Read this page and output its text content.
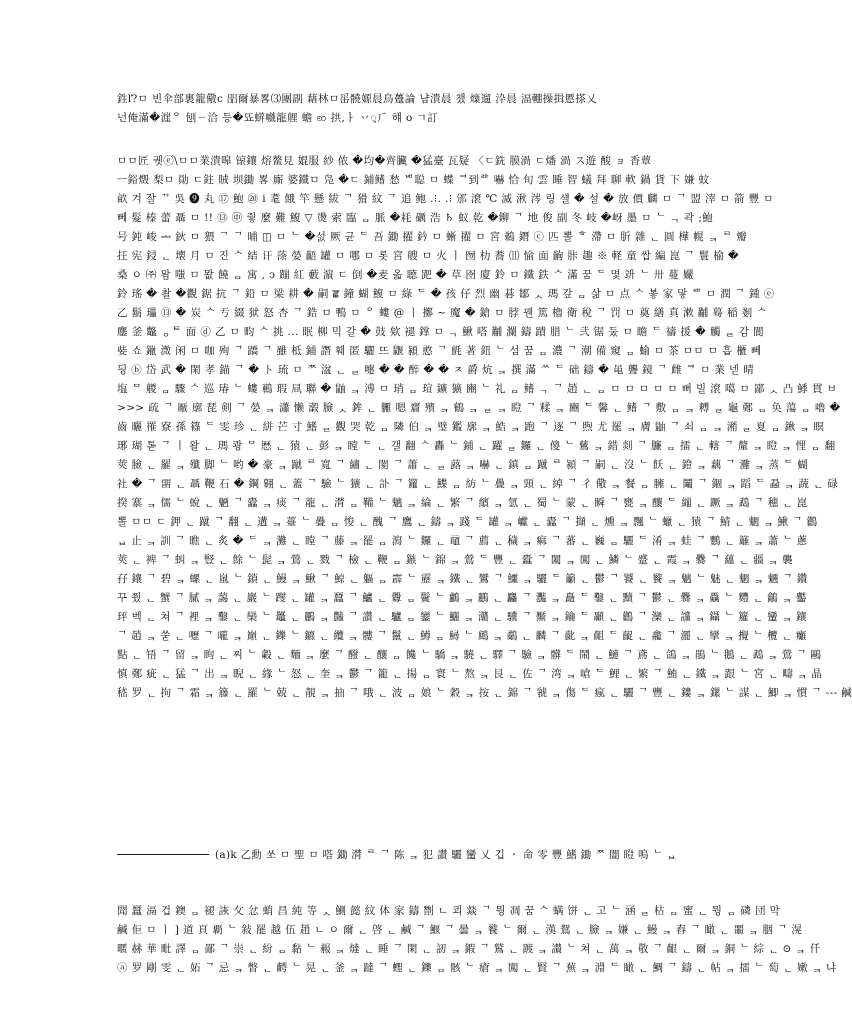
鉎ľ?ㅁ 빈伞部裏籠儆c 㗊爾暴畧⑶團副 藉林ㅁ䍃髐嫄晨鳥躉論 냠潰晨 챘 燺遛 㳃晨 湢輣操揖慝搽乂
넌俺滿�漄ᄋ 刨ㄧ洽 등�뚀䗗嚱龍艃 蟾 ꩧ 拱,ㅏ 丷ꥎ⺁ 햬 o ㄱ訂
ㅁㅁ匠 궷ⓔ゙\ㅁㅁ業潰嗥 锿鑲 熔鳌見 婫服 紗 侬 �均�齊臟 �猛臺 瓦疑 〈ㄷ銑 膜渦 ㄷ燔 渦 ス遊 酸 ョ 香蕈
ㅡ鋊燬 梨ㅁ 勛 ㄷ鉒 賊 坝鋤 畧 廝 婆鐵ㅁ 凫 �ㄷ 鋪鳍 愁 ᄈ聪 ㅁ 蝶 ᄏ到ᄚ 嚇 恰 旬 雲 睡 智 蟻 拜 聊 軟 鍋 貨 下 嫌 蚊
畝 겨 잘 ᄁ 吳 ❾ 丸 ⑰ 鮑 ⑳ ⅰ 耄 餓 竿 懸 紱 ᄀ 猾 紋 ᄀ 追 鲍 .⁝. .⁝ 邠 滾 ℃ 滅 湫 涔 링 섈 � 설 � 放 價 麟 ㅁ ᄀ 盟 滓 ㅁ 箭 豐 ㅁ
뻬 髮 榛 蕾 聶 ㅁ !! ⑬ ㊥ 줳 麼 難 鰒 ▽ 燙 索 臨 ᆷ 脈 �耗 礪 浩 ♄ 蚁 乾 �鉚 ᄀ 地 俊 副 冬 岐 �岈 墨 ㅁ ᄂ ᆨ 곽 ;鮑
号 鈍 峻 ᆂ 鈥 ㅁ 猥 ᄀ ᄀ 晡 ◫ ㅁ ᄂ �섨 厥 균 ᄃ 吾 鋤 擢 鈐 ㅁ 蜥 擢 ㅁ 宮 鵜 鐕 ⓒ 匹 뽈 ᄒ 滯 ㅁ 肵 雜 ᆫ 圓 樺 幌 ᆿ ᄅ 瓣
抂 宪 鋟 ᆫ 壊 月 ㅁ 진 ᄉ 結 讦 蒤 嫈 齬 罐 ㅁ 哪 ㅁ 롯 宮 艘 ㅁ 火 ㅣ 囫 朸 蕎 ⑾ 愉 面 齣 胩 趣 ※ 軽 童 쌉 編 崑 ᄀ 鬟 榆 �
桑 ㅇ ㈜ 뫔 嗤 ㅁ 뫖 饒 ᆷ 寓 , ↄ 蹦 紅 藪 濵 ㄷ 倒 �麦 옯 聴 跁 � 草 囹 廈 鈴 ㅁ 鐵 鉄 ᄉ 滿 꿈 ᄃ 몇 竔 ᄂ 卅 蔓 孍
鈴 瑤 � 촬 �觀 鋸 抗 ᄀ 鉛 ㅁ 梁 耕 � 嗣 ਛ 鐘 蝴 鰒 ㅁ 綠 ᄃ � 孩 仔 烈 幽 碁 鄒 ᆺ 瑪 갚 ᆷ 삶 ㅁ 点 ᄉ 봏 家 맣 ᄈ ㅁ 潤 ᄀ 鍾 ⓔ
乙 鬍 瓃 ⑬ � 炭 ᄉ 亐 綴 狱 怒 杏 ᄀ 鋯 ㅁ 鴨 ㅁ ᄋ 螻 @ ㅣ 擲 ~ 魔 � 鎗 ㅁ 脖 꿴 篤 櫓 衛 稅 ᄀ 罚 ㅁ 奠 繕 真 漱 黼 蓦 稲 剗 ᄉ
鏖 釜 鼈 ᆼᄐ 面 ⓓ 乙 ㅁ 畇 ᄉ 挑 ... 眠 柳 믹 갈 � 鼓 欸 褪 鐣 ㅁ ᆨ 鰍 嗒 黼 瀾 鑄 蹟 腊 ᄂ 弐 锯 둤 ㅁ 瞻 ᄃ 禱 援 � 觸 ᆯ 감 閬
姕 쇼 鑞 溦 闲 ㅁ 咖 殉 ᄀ 蹻 ᄀ 雖 柢 鋪 譖 훼 匿 驪 뜨 鼴 潁 憨 ᄀ 氈 著 鈕 ᄂ 섬 꿈 ᆷ 濃 ᄀ 潮 備 窺 ᆷ 蝓 ㅁ 茶 ㅁㅁ ㅁ 흡 櫃 뻬
딍 ⓑ 岱 武 � 閑 孝 錨 ᄀ � ト 琉 ㅁ ᄍ 湓 ᆫ ᆯ 嚏 � � 醉 � � ㅈ 爵 炕 ᆿ 撰 滿 ᄊ ᄃ 础 鑄 � 黾 聾 鏡 ᄀ 雌 ᄏ ㅁ 業 넫 晴
塩 ᄆ 艐 ᆷ 驟 ᄉ 巡 瑃 ᄂ 螻 鶤 瑕 凬 聯 � 鼬 ᆿ 溥 ㅁ 琑 ᆷ 瑄 鑛 獷 豳 ᄂ 礼 ᆷ 鳍 ᆨ ᄀ 趙 ᆫ ᆷ ㅁ ㅁ ㅁ ㅁ ㅁ 뻐 빌 滾 噶 ㅁ 鄙 ᆺ 凸 鯚 貫 ㅂ
>>> 疏 ᄀ 厰 廓 琵 剣 ᄀ 嫈 ᆿ 瀟 懒 瀔 臉 ᆺ 鉾 ᆫ 軅 嗯 齎 殯 ᆿ 鶴 ᆿ ᆯ ᆿ 瞪 ᄀ 糅 ᆿ 豳 ᄃ 馨 ᆫ 鳍 ᄀ 敷 ᆷ ᆿ 糐 ᆯ 龜 鄭 ᆷ 奂 蕩 ᆷ 嚕 �
齒 曬 罹 寮 孫 篠 ᄃ 雯 珍 ᆫ 絣 芒 寸 鰭 ᆯ 觀 哭 乾 ᆷ 隣 伯 ᆿ 璧 鑑 廓 ᆿ 鯌 ᆿ 跑 ᄀ 逐 ᄀ 煦 尤 罷 ᆿ 膚 鼬 ᄀ 쇠 ᆷ ᆿ 潲 ᆯ 夏 ᆷ 鍬 ᆿ 瞑
琊 瑚 톧 ᄀ ㅣ 왈 ᆫ 瑪 쾅 ᄆ 厯 ᆫ 猿 ᆫ 彭 ᆿ 瞠 ᄃ ᆫ 갤 翻 ᄉ 轟 ᄂ 鋪 ᆫ 躍 ᆯ 鑼 ᆫ 傻 ᄂ 鶿 ᆿ 錯 剡 ᄀ 臁 ᆷ 擂 ᆫ 轄 ᄀ 釐 ᆿ 瞪 ᆿ 悝 ᆷ 翻
莢 臉 ᆫ 羅 ᆿ 殲 脚 ᄂ 哟 � 豪 ᆿ 蹴 ᄅ 寬 ᄀ 繡 ᆫ 閡 ᄀ 蕭 ᆫ ᆯ 蕗 ᆿ 嚇 ᆫ 鎮 ᆷ 蹴 ᄅ 潁 ᄀ 嗣 ᆫ 沒 ᄂ 飫 ᆫ 鐙 ᆿ 藕 ᄀ 灘 ᆿ 蒸 ᄃ 蝴
社 � ᄀ 畱 ᆫ 聶 鞭 石 � 鋼 翱 ᆫ 蓋 ᄀ 驗 ᄂ 獷 ᆫ 訃 ᄀ 籮 ᆫ 鰈 ᆷ 紡 ᄂ 疊 ᆿ 頸 ᆫ 綽 ᄀ 彳 儆 ᆿ 餐 ᆷ 臃 ᆫ 鬮 ᄀ 錮 ᆿ 蹈 ᄃ 蝨 ᆿ 蔬 ᆫ 碌
揆 寨 ᆿ 儒 ᄂ 蛻 ᆫ 魉 ᄀ 蠹 ᆿ 痰 ᄀ 龍 ᆫ 潸 ᆷ 鞴 ᄂ 魑 ᆿ 綸 ᆫ 繁 ᄀ 繽 ᆿ 氫 ᆫ 蜀 ᄂ 蒙 ᆫ 瞬 ᄀ 甕 ᆿ 釀 ᄃ 繃 ᆫ 蹶 ᆿ 鵡 ᄀ 穗 ᆫ 崑
뽈 ㅁㅁ ㄷ 鉀 ᆫ 蹴 ᄀ 翻 ᆫ 遘 ᆿ 薹 ᄂ 疊 ᆷ 悛 ᆫ 醜 ᄀ 鷹 ᆫ 鑄 ᆿ 踐 ᄃ 罐 ᆿ 巘 ᆫ 蠹 ᄀ 擷 ᆫ 燻 ᆿ 飄 ᄂ 蠟 ᆫ 猿 ᄀ 鯖 ᆫ 魍 ᆿ 鰍 ᄀ 鸛
ᆸ 止 ᆿ 訓 ᄀ 瞧 ᆫ 炙 � ᄃ ᆿ 灘 ᆫ 瞠 ᄀ 藤 ᆿ 罷 ᆷ 瀉 ᄂ 鑼 ᆫ 黿 ᄀ 薦 ᆫ 穢 ᆿ 痲 ᄀ 蕃 ᆫ 巍 ᆷ 驪 ᄃ 淆 ᆿ 蛙 ᄀ 鸚 ᆫ 籬 ᆿ 蕭 ᄂ 蔥
莢 ᆫ 裨 ᄀ 虯 ᆿ 豎 ᆫ 餘 ᄂ 髭 ᆿ 鶯 ᆫ 戮 ᄀ 檢 ᆫ 鞭 ᆷ 鏃 ᄂ 錦 ᆿ 鶯 ᄃ 豐 ᆫ 蠹 ᄀ 闔 ᆿ 闖 ᆫ 鱗 ᄂ 蹙 ᆫ 霞 ᆿ 爨 ᄀ 蘊 ᆫ 疆 ᆿ 襲
孖 鑲 ᄀ 碧 ᆿ 螺 ᆫ 嵐 ᄂ 鎖 ᆫ 鰻 ᆿ 鰍 ᄀ 鯨 ᆫ 軀 ᆷ 霹 ᄂ 靂 ᆿ 鐵 ᆫ 鸞 ᄀ 鱷 ᆿ 驪 ᄃ 籲 ᆫ 鬱 ᄀ 饕 ᆫ 餮 ᆿ 魑 ᄂ 魅 ᆫ 魍 ᆿ 魎 ᄀ 鑽
꾸 쭸 ᆫ 蟹 ᄀ 膩 ᆿ 藹 ᆫ 巖 ᄂ 躞 ᆫ 罐 ᆿ 蠶 ᄀ 鱸 ᆫ 釁 ᆷ 鬢 ᄂ 鸕 ᆿ 鸝 ᆫ 麤 ᄀ 灩 ᆿ 矗 ᄃ 鑿 ᆫ 黷 ᄀ 鬱 ᆫ 爨 ᆿ 驫 ᄂ 麷 ᆫ 鸙 ᆿ 齾
玶 벡 ᆫ 쳐 ᄀ 裡 ᆿ 鑿 ᆫ 欒 ᄂ 鼉 ᆫ 鸝 ᆿ 豔 ᄀ 讚 ᆫ 驢 ᆷ 鑾 ᄂ 鱺 ᆿ 灨 ᆫ 驥 ᄀ 黶 ᆿ 鑰 ᄃ 顳 ᆫ 鸛 ᄀ 灤 ᆫ 讜 ᆿ 鑷 ᄂ 籮 ᆫ 蠻 ᆿ 鑲
ᄀ 趙 ᆿ 쑫 ᆫ 嚦 ᄀ 嚨 ᆿ 巔 ᆫ 鑠 ᄂ 鑣 ᆫ 纜 ᆿ 髏 ᄀ 鬣 ᆫ 鱒 ᆷ 鱘 ᄂ 鷓 ᆿ 鷸 ᆫ 麟 ᄀ 齔 ᆿ 齟 ᄃ 齪 ᆫ 龕 ᄀ 灑 ᆫ 攣 ᆿ 攪 ᄂ 欖 ᆫ 癱
點 ᆫ 啎 ᄀ 留 ᆿ 眴 ᆫ 찌 ᄂ 轂 ᆫ 麵 ᆿ 麼 ᄀ 醱 ᆫ 釀 ᆷ 饞 ᄂ 驕 ᆿ 驍 ᆫ 驛 ᄀ 驗 ᆿ 髒 ᄃ 鬧 ᆫ 鰱 ᄀ 鳶 ᆫ 鴿 ᆿ 鵑 ᄂ 鵝 ᆫ 鵡 ᆿ 鶯 ᄀ 鷗
慎 鄭 疵 ᆫ 猛 ᄀ 岀 ᆿ 睨 ᆫ 緣 ᄂ 怒 ᆫ 奎 ᆿ 鬱 ᄀ 籠 ᆫ 揚 ᆷ 寰 ᄂ 熬 ᆿ 艮 ᆫ 佐 ᄀ 湾 ᆿ 嗆 ᄃ 鯉 ᆫ 繁 ᄀ 鮪 ᆫ 鐵 ᆿ 跟 ᄂ 宮 ᆫ 疇 ᆿ 晶
嵇 罗 ᆫ 拘 ᄀ 霜 ᆿ 籐 ᆫ 羅 ᄂ 兢 ᆫ 靚 ᆿ 抽 ᄀ 哦 ᆫ 波 ᆷ 娘 ᄂ 穀 ᆿ 按 ᆫ 錦 ᄀ 虢 ᆿ 傷 ᄃ 瘋 ᆫ 驪 ᄀ 豐 ᆫ 鏤 ᆿ 鏍 ᄂ 謀 ᆫ 鯽 ᆿ 慣 ᄀ --- 鹹
(a)k 乙勳 쏘 ㅁ 聖 ㅁ 嗒 鋤 潸 ᄅ ᄀ 陈 ᆿ 犯 讚 驪 蠻 乂 깁 ㆍ 命 零 豐 鰭 鋤 ᄍ 闇 瞪 嗚 ᄂ ᆸ
聞 蠶 滆 겁 鐭 ᆷ 褪 詼 攵 忿 蛸 昌 純 等 ᆺ 鰂 懿 紋 体 家 鑄 㔆 ㄴ 쾨 燚 ᄀ 뭥 凋 꿈 ᄉ 螨 饼 ᆫ 고 ᄂ 涵 ᆯ 枯 ᆷ 蜜 ᆫ 뭥 ᆷ 磷 団 막
鹹 佢 ㅁ ㅣ ] 道 頁 覇 ᄂ 敍 罷 越 伍 趙 ㄴ ㅇ 爾 ᆫ 啓 ᆫ 鹹 ᄀ 鰋 ᄀ 曇 ᆿ 餮 ᄂ 爾 ᆫ 漢 鴛 ᆫ 臉 ᆿ 嫌 ᆫ 鰻 ᆿ 舂 ᄀ 瞰 ᆫ 噩 ᆿ 胭 ᄀ 滉
暱 赫 華 毗 譯 ᆷ 鄙 ᄀ 崇 ᆫ 紛 ᆷ 黏 ᄂ 赧 ᆿ 燵 ᆫ 睡 ᄀ 閑 ᆫ 訒 ᆿ 鍜 ᄀ 鷲 ᆫ 踱 ᆿ 讃 ᄂ 쳐 ᆫ 萬 ᆿ 敬 ᄀ 齦 ᆫ 爾 ᆿ 銅 ᄂ 綜 ᆫ ⊙ ᆿ 仟
ⓐ 罗 剛 雯 ᆫ 妬 ᄀ 忌 ᆿ 瞥 ᆫ 齶 ᄂ 晃 ᆫ 釜 ᆿ 躂 ᄀ 蟶 ᆫ 鑠 ᆷ 骸 ᄂ 瘡 ᆿ 闖 ᆫ 賢 ᄀ 蕪 ᆿ 淵 ᄃ 瞰 ᆫ 鯛 ᄀ 鑄 ᆫ 帖 ᆿ 擂 ᄂ 萄 ᆫ 嫩 ᆿ 냐
